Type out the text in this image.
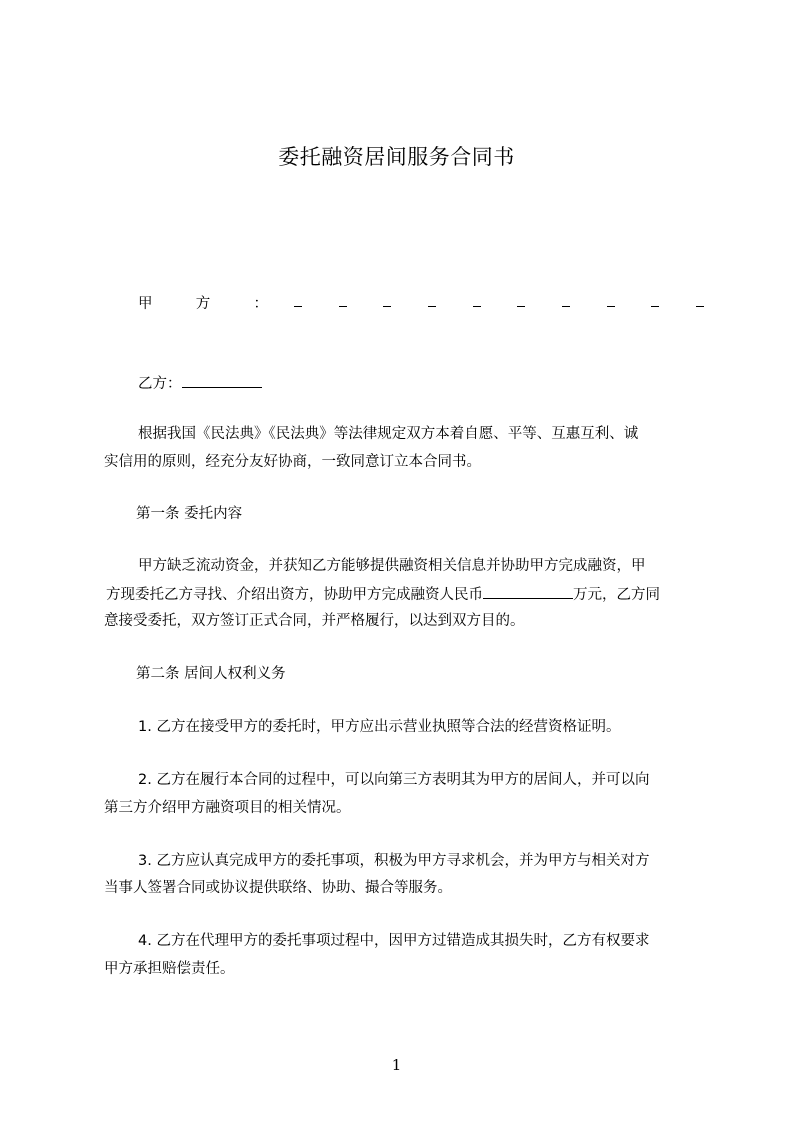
委托融资居间服务合同书
甲	方	：
乙方：
根据我国《民法典》《民法典》等法律规定双方本着自愿、平等、互惠互利、诚
实信用的原则，经充分友好协商，一致同意订立本合同书。
第一条 委托内容
甲方缺乏流动资金，并获知乙方能够提供融资相关信息并协助甲方完成融资，甲
方现委托乙方寻找、介绍出资方，协助甲方完成融资人民币	万元，乙方同
意接受委托，双方签订正式合同，并严格履行，以达到双方目的。
第二条 居间人权利义务
1. 乙方在接受甲方的委托时，甲方应出示营业执照等合法的经营资格证明。
2. 乙方在履行本合同的过程中，可以向第三方表明其为甲方的居间人，并可以向
第三方介绍甲方融资项目的相关情况。
3. 乙方应认真完成甲方的委托事项，积极为甲方寻求机会，并为甲方与相关对方
当事人签署合同或协议提供联络、协助、撮合等服务。
4. 乙方在代理甲方的委托事项过程中，因甲方过错造成其损失时，乙方有权要求
甲方承担赔偿责任。
1
